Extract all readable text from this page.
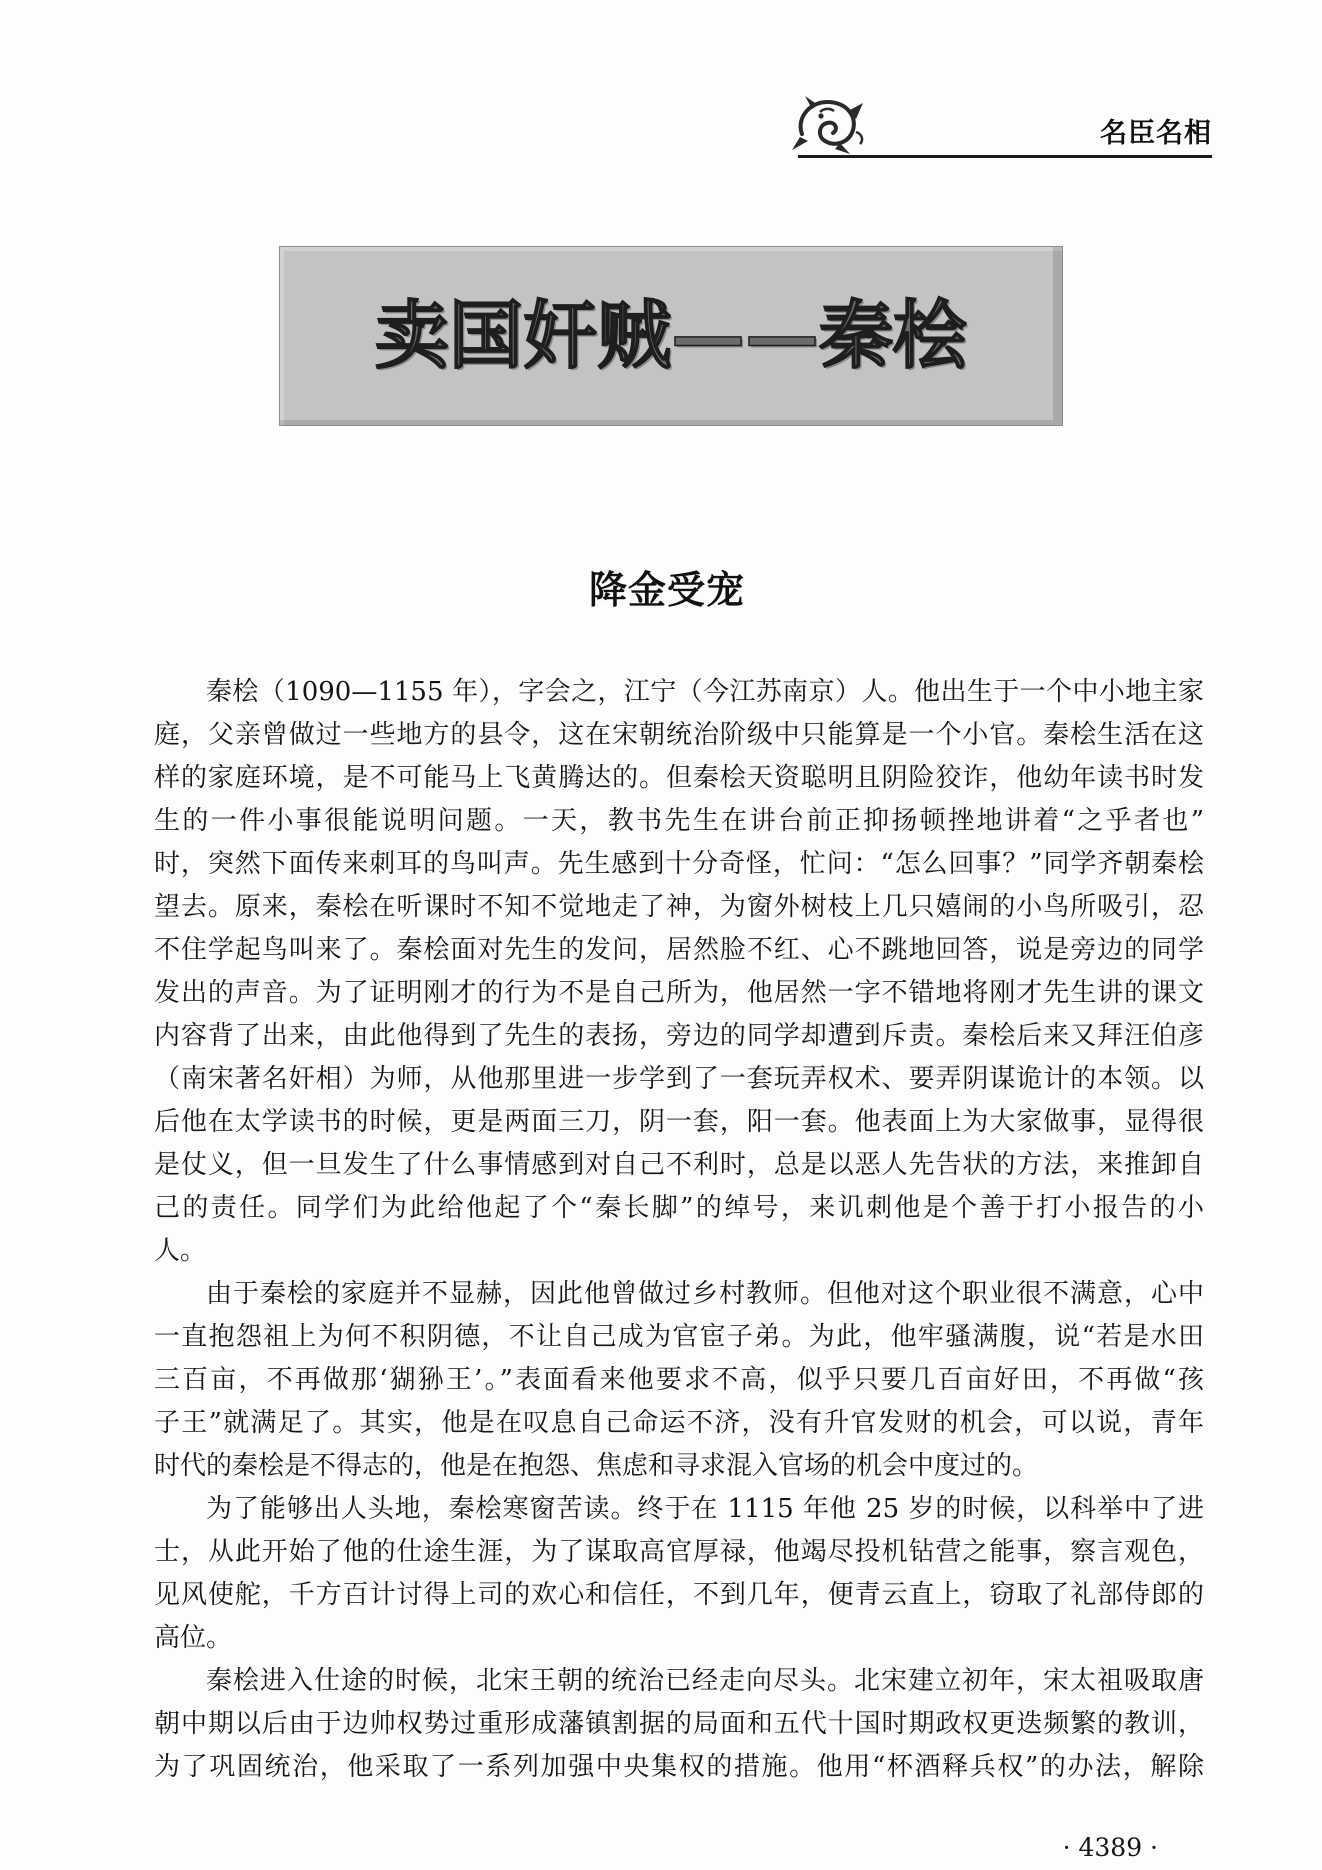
名臣名相
卖国奸贼——秦桧
降金受宠
秦桧（1090—1155 年），字会之，江宁（今江苏南京）人。他出生于一个中小地主家
庭，父亲曾做过一些地方的县令，这在宋朝统治阶级中只能算是一个小官。秦桧生活在这
样的家庭环境，是不可能马上飞黄腾达的。但秦桧天资聪明且阴险狡诈，他幼年读书时发
生的一件小事很能说明问题。一天，教书先生在讲台前正抑扬顿挫地讲着“之乎者也”
时，突然下面传来刺耳的鸟叫声。先生感到十分奇怪，忙问：“怎么回事？”同学齐朝秦桧
望去。原来，秦桧在听课时不知不觉地走了神，为窗外树枝上几只嬉闹的小鸟所吸引，忍
不住学起鸟叫来了。秦桧面对先生的发问，居然脸不红、心不跳地回答，说是旁边的同学
发出的声音。为了证明刚才的行为不是自己所为，他居然一字不错地将刚才先生讲的课文
内容背了出来，由此他得到了先生的表扬，旁边的同学却遭到斥责。秦桧后来又拜汪伯彦
（南宋著名奸相）为师，从他那里进一步学到了一套玩弄权术、要弄阴谋诡计的本领。以
后他在太学读书的时候，更是两面三刀，阴一套，阳一套。他表面上为大家做事，显得很
是仗义，但一旦发生了什么事情感到对自己不利时，总是以恶人先告状的方法，来推卸自
己的责任。同学们为此给他起了个“秦长脚”的绰号，来讥刺他是个善于打小报告的小
人。
由于秦桧的家庭并不显赫，因此他曾做过乡村教师。但他对这个职业很不满意，心中
一直抱怨祖上为何不积阴德，不让自己成为官宦子弟。为此，他牢骚满腹，说“若是水田
三百亩，不再做那‘猢狲王’。”表面看来他要求不高，似乎只要几百亩好田，不再做“孩
子王”就满足了。其实，他是在叹息自己命运不济，没有升官发财的机会，可以说，青年
时代的秦桧是不得志的，他是在抱怨、焦虑和寻求混入官场的机会中度过的。
为了能够出人头地，秦桧寒窗苦读。终于在 1115 年他 25 岁的时候，以科举中了进
士，从此开始了他的仕途生涯，为了谋取高官厚禄，他竭尽投机钻营之能事，察言观色，
见风使舵，千方百计讨得上司的欢心和信任，不到几年，便青云直上，窃取了礼部侍郎的
高位。
秦桧进入仕途的时候，北宋王朝的统治已经走向尽头。北宋建立初年，宋太祖吸取唐
朝中期以后由于边帅权势过重形成藩镇割据的局面和五代十国时期政权更迭频繁的教训，
为了巩固统治，他采取了一系列加强中央集权的措施。他用“杯酒释兵权”的办法，解除
· 4389 ·
